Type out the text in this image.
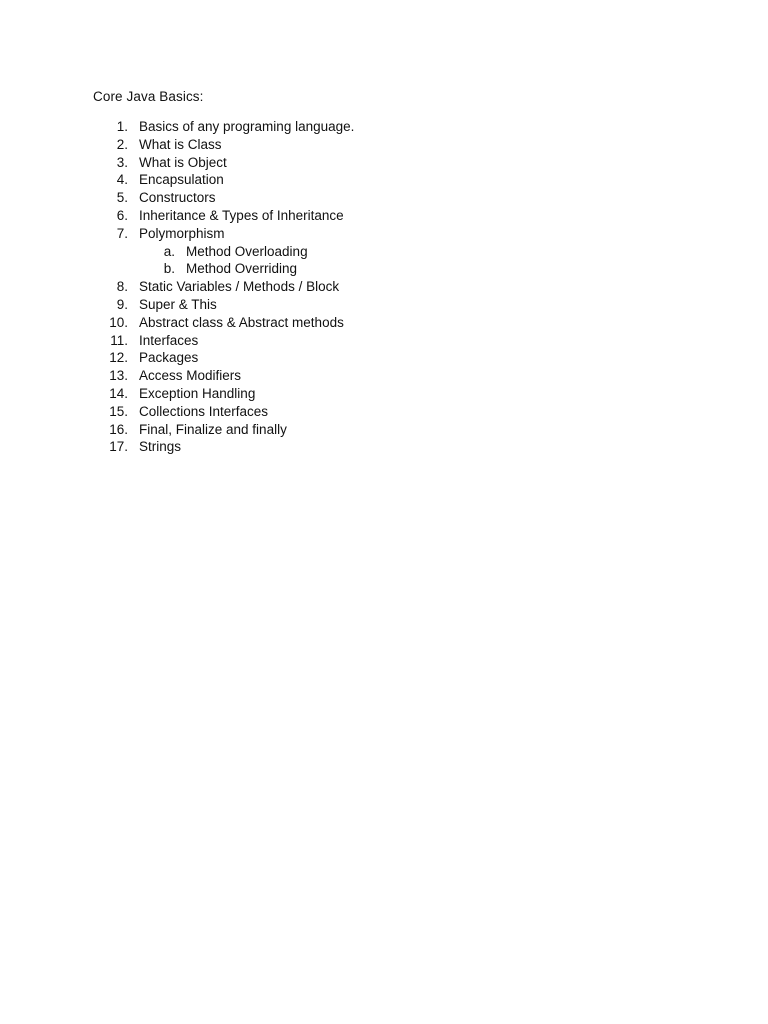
Core Java Basics:
1. Basics of any programing language.
2. What is Class
3. What is Object
4. Encapsulation
5. Constructors
6. Inheritance & Types of Inheritance
7. Polymorphism
a. Method Overloading
b. Method Overriding
8. Static Variables / Methods / Block
9. Super & This
10. Abstract class & Abstract methods
11. Interfaces
12. Packages
13. Access Modifiers
14. Exception Handling
15. Collections Interfaces
16. Final, Finalize and finally
17. Strings
